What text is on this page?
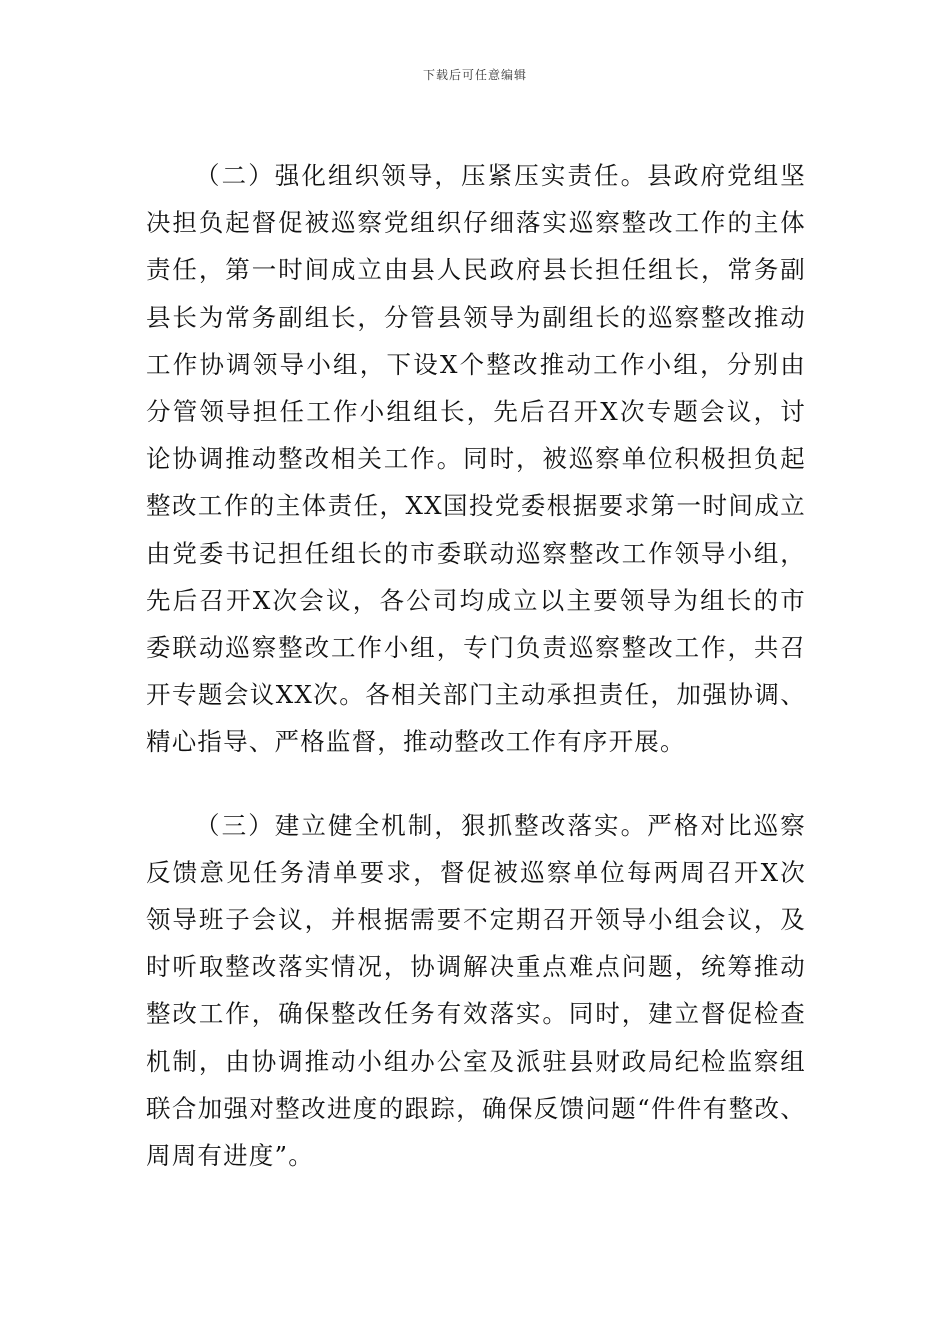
下载后可任意编辑

（二）强化组织领导，压紧压实责任。县政府党组坚决担负起督促被巡察党组织仔细落实巡察整改工作的主体责任，第一时间成立由县人民政府县长担任组长，常务副县长为常务副组长，分管县领导为副组长的巡察整改推动工作协调领导小组，下设X个整改推动工作小组，分别由分管领导担任工作小组组长，先后召开X次专题会议，讨论协调推动整改相关工作。同时，被巡察单位积极担负起整改工作的主体责任，XX国投党委根据要求第一时间成立由党委书记担任组长的市委联动巡察整改工作领导小组，先后召开X次会议，各公司均成立以主要领导为组长的市委联动巡察整改工作小组，专门负责巡察整改工作，共召开专题会议XX次。各相关部门主动承担责任，加强协调、精心指导、严格监督，推动整改工作有序开展。

（三）建立健全机制，狠抓整改落实。严格对比巡察反馈意见任务清单要求，督促被巡察单位每两周召开X次领导班子会议，并根据需要不定期召开领导小组会议，及时听取整改落实情况，协调解决重点难点问题，统筹推动整改工作，确保整改任务有效落实。同时，建立督促检查机制，由协调推动小组办公室及派驻县财政局纪检监察组联合加强对整改进度的跟踪，确保反馈问题“件件有整改、周周有进度”。
